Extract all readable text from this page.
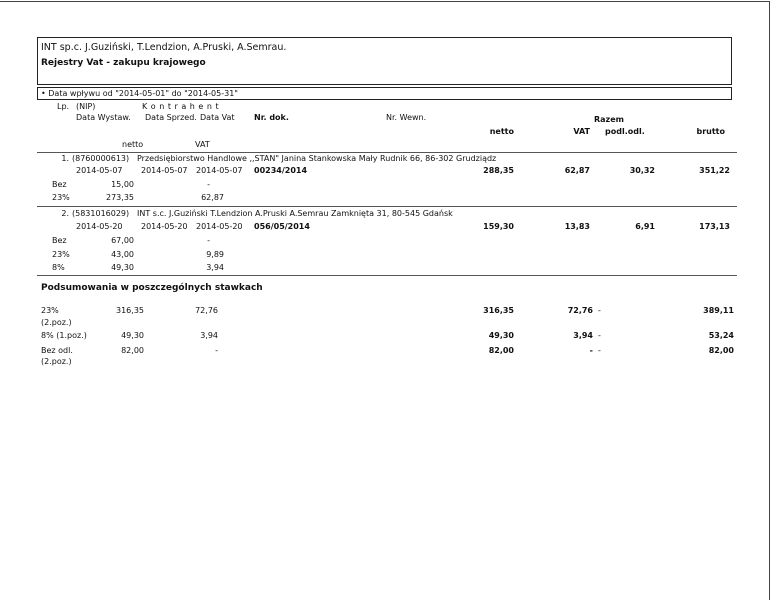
INT sp.c. J.Guziński, T.Lendzion, A.Pruski, A.Semrau.
Rejestry Vat - zakupu krajowego
• Data wpływu od "2014-05-01" do "2014-05-31"
Lp. (NIP)	K o n t r a h e n t
Data Wystaw. Data Sprzed. Data Vat Nr. dok.	Nr. Wewn.	Razem
netto	VAT podl.odl.	brutto
netto	VAT
1. (8760000613) Przedsiębiorstwo Handlowe ,,STAN" Janina Stankowska Mały Rudnik 66, 86-302 Grudziądz
2014-05-07 2014-05-07 2014-05-07 00234/2014	288,35	62,87	30,32	351,22
Bez	15,00	-
23%	273,35	62,87
2. (5831016029) INT s.c. J.Guziński T.Lendzion A.Pruski A.Semrau Zamknięta 31, 80-545 Gdańsk
2014-05-20 2014-05-20 2014-05-20 056/05/2014	159,30	13,83	6,91	173,13
Bez	67,00	-
23%	43,00	9,89
8%	49,30	3,94
Podsumowania w poszczególnych stawkach
23%
(2.poz.)
316,35	72,76	316,35	72,76 -	389,11
8% (1.poz.)	49,30	3,94	49,30	3,94 -	53,24
Bez odl.
(2.poz.)
82,00	-	82,00	- -	82,00
